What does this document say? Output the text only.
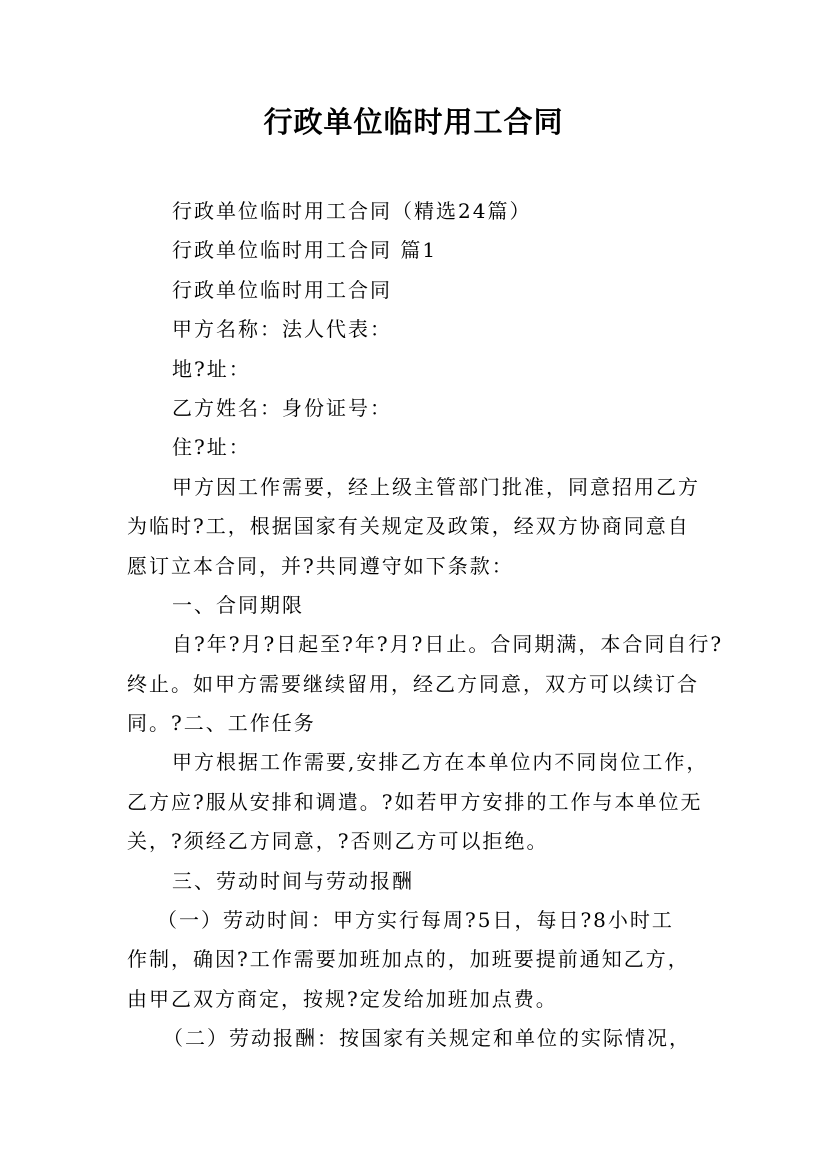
行政单位临时用工合同
行政单位临时用工合同（精选24篇）
行政单位临时用工合同 篇1
行政单位临时用工合同
甲方名称：法人代表：
地?址：
乙方姓名：身份证号：
住?址：
甲方因工作需要，经上级主管部门批准，同意招用乙方
为临时?工，根据国家有关规定及政策，经双方协商同意自
愿订立本合同，并?共同遵守如下条款：
一、合同期限
自?年?月?日起至?年?月?日止。合同期满，本合同自行?
终止。如甲方需要继续留用，经乙方同意，双方可以续订合
同。?二、工作任务
甲方根据工作需要,安排乙方在本单位内不同岗位工作，
乙方应?服从安排和调遣。?如若甲方安排的工作与本单位无
关，?须经乙方同意，?否则乙方可以拒绝。
三、劳动时间与劳动报酬
（一）劳动时间：甲方实行每周?5日，每日?8小时工
作制，确因?工作需要加班加点的，加班要提前通知乙方，
由甲乙双方商定，按规?定发给加班加点费。
（二）劳动报酬：按国家有关规定和单位的实际情况，
